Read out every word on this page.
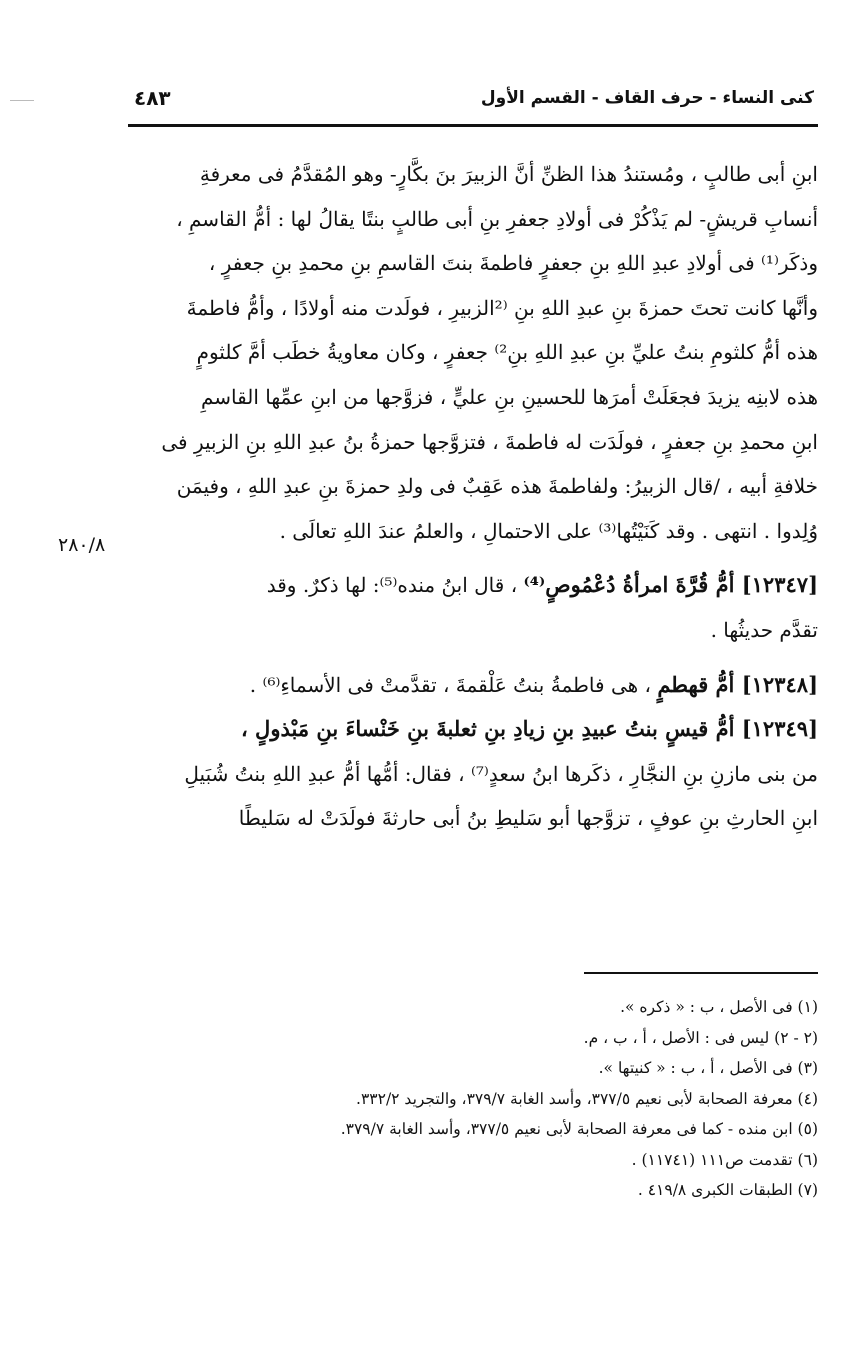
كنى النساء - حرف القاف - القسم الأول
٤٨٣
٢٨٠/٨
ابنِ أبى طالبٍ ، ومُستندُ هذا الظنِّ أنَّ الزبيرَ بنَ بكَّارٍ- وهو المُقدَّمُ فى معرفةِ
أنسابِ قريشٍ- لم يَذْكُرْ فى أولادِ جعفرِ بنِ أبى طالبٍ بنتًا يقالُ لها : أمُّ القاسمِ ،
وذكَر⁽¹⁾ فى أولادِ عبدِ اللهِ بنِ جعفرٍ فاطمةَ بنتَ القاسمِ بنِ محمدِ بنِ جعفرٍ ،
وأنَّها كانت تحتَ حمزةَ بنِ عبدِ اللهِ بنِ ⁽²الزبيرِ ، فولَدت منه أولادًا ، وأمُّ فاطمةَ
هذه أمُّ كلثومِ بنتُ عليِّ بنِ عبدِ اللهِ بنِ²⁾ جعفرٍ ، وكان معاويةُ خطَب أمَّ كلثومٍ
هذه لابنِه يزيدَ فجعَلَتْ أمرَها للحسينِ بنِ عليٍّ ، فزوَّجها من ابنِ عمِّها القاسمِ
ابنِ محمدِ بنِ جعفرٍ ، فولَدَت له فاطمةَ ، فتزوَّجها حمزةُ بنُ عبدِ اللهِ بنِ الزبيرِ فى
خلافةِ أبيه ، /قال الزبيرُ: ولفاطمةَ هذه عَقِبٌ فى ولدِ حمزةَ بنِ عبدِ اللهِ ، وفيمَن
وُلِدوا . انتهى . وقد كَنَيْتُها⁽³⁾ على الاحتمالِ ، والعلمُ عندَ اللهِ تعالَى .
[١٢٣٤٧] أمُّ قُرَّةَ امرأةُ دُعْمُوصٍ⁽⁴⁾ ، قال ابنُ منده⁽⁵⁾: لها ذكرٌ. وقد
تقدَّم حديثُها .
[١٢٣٤٨] أمُّ قهطمٍ ، هى فاطمةُ بنتُ عَلْقمةَ ، تقدَّمتْ فى الأسماءِ⁽⁶⁾ .
[١٢٣٤٩] أمُّ قيسٍ بنتُ عبيدِ بنِ زيادِ بنِ ثعلبةَ بنِ خَنْساءَ بنِ مَبْذولٍ ،
من بنى مازنِ بنِ النجَّارِ ، ذكَرها ابنُ سعدٍ⁽⁷⁾ ، فقال: أمُّها أمُّ عبدِ اللهِ بنتُ شُبَيلِ
ابنِ الحارثِ بنِ عوفٍ ، تزوَّجها أبو سَليطِ بنُ أبى حارثةَ فولَدَتْ له سَليطًا
(١) فى الأصل ، ب : « ذكره ».
(٢ - ٢) ليس فى : الأصل ، أ ، ب ، م.
(٣) فى الأصل ، أ ، ب : « كنيتها ».
(٤) معرفة الصحابة لأبى نعيم ٣٧٧/٥، وأسد الغابة ٣٧٩/٧، والتجريد ٣٣٢/٢.
(٥) ابن منده - كما فى معرفة الصحابة لأبى نعيم ٣٧٧/٥، وأسد الغابة ٣٧٩/٧.
(٦) تقدمت ص١١١ (١١٧٤١) .
(٧) الطبقات الكبرى ٤١٩/٨ .
